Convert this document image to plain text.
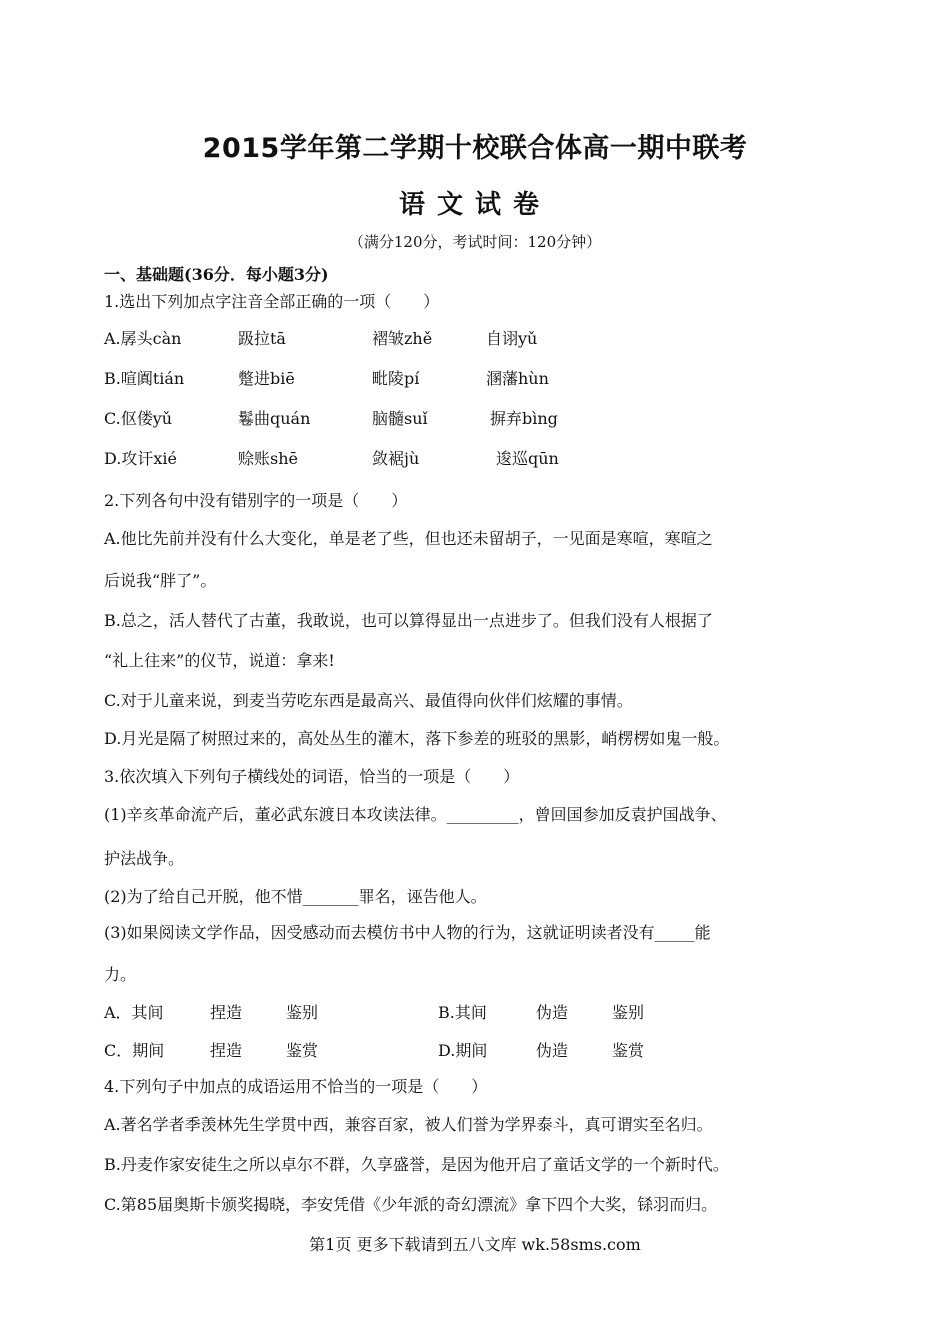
2015学年第二学期十校联合体高一期中联考
语文试卷
（满分120分，考试时间：120分钟）
一、基础题(36分．每小题3分)
1.选出下列加点字注音全部正确的一项（　　）
A.孱头càn	趿拉tā	褶皱zhě	自诩yǔ
B.喧阗tián	蹩进biē	毗陵pí	溷藩hùn
C.伛偻yǔ	鬈曲quán	脑髓suǐ	摒弃bìng
D.攻讦xié	赊账shē	敛裾jù	逡巡qūn
2.下列各句中没有错别字的一项是（　　）
A.他比先前并没有什么大变化，单是老了些，但也还未留胡子，一见面是寒喧，寒喧之
后说我“胖了”。
B.总之，活人替代了古董，我敢说，也可以算得显出一点进步了。但我们没有人根据了
“礼上往来”的仪节，说道：拿来!
C.对于儿童来说，到麦当劳吃东西是最高兴、最值得向伙伴们炫耀的事情。
D.月光是隔了树照过来的，高处丛生的灌木，落下参差的班驳的黑影，峭楞楞如鬼一般。
3.依次填入下列句子横线处的词语，恰当的一项是（　　）
(1)辛亥革命流产后，董必武东渡日本攻读法律。_________，曾回国参加反袁护国战争、
护法战争。
(2)为了给自己开脱，他不惜_______罪名，诬告他人。
(3)如果阅读文学作品，因受感动而去模仿书中人物的行为，这就证明读者没有_____能
力。
A．其间	捏造	鉴别	B.其间	伪造	鉴别
C．期间	捏造	鉴赏	D.期间	伪造	鉴赏
4.下列句子中加点的成语运用不恰当的一项是（　　）
A.著名学者季羡林先生学贯中西，兼容百家，被人们誉为学界泰斗，真可谓实至名归。
B.丹麦作家安徒生之所以卓尔不群，久享盛誉，是因为他开启了童话文学的一个新时代。
C.第85届奥斯卡颁奖揭晓，李安凭借《少年派的奇幻漂流》拿下四个大奖，铩羽而归。
第1页 更多下载请到五八文库 wk.58sms.com
